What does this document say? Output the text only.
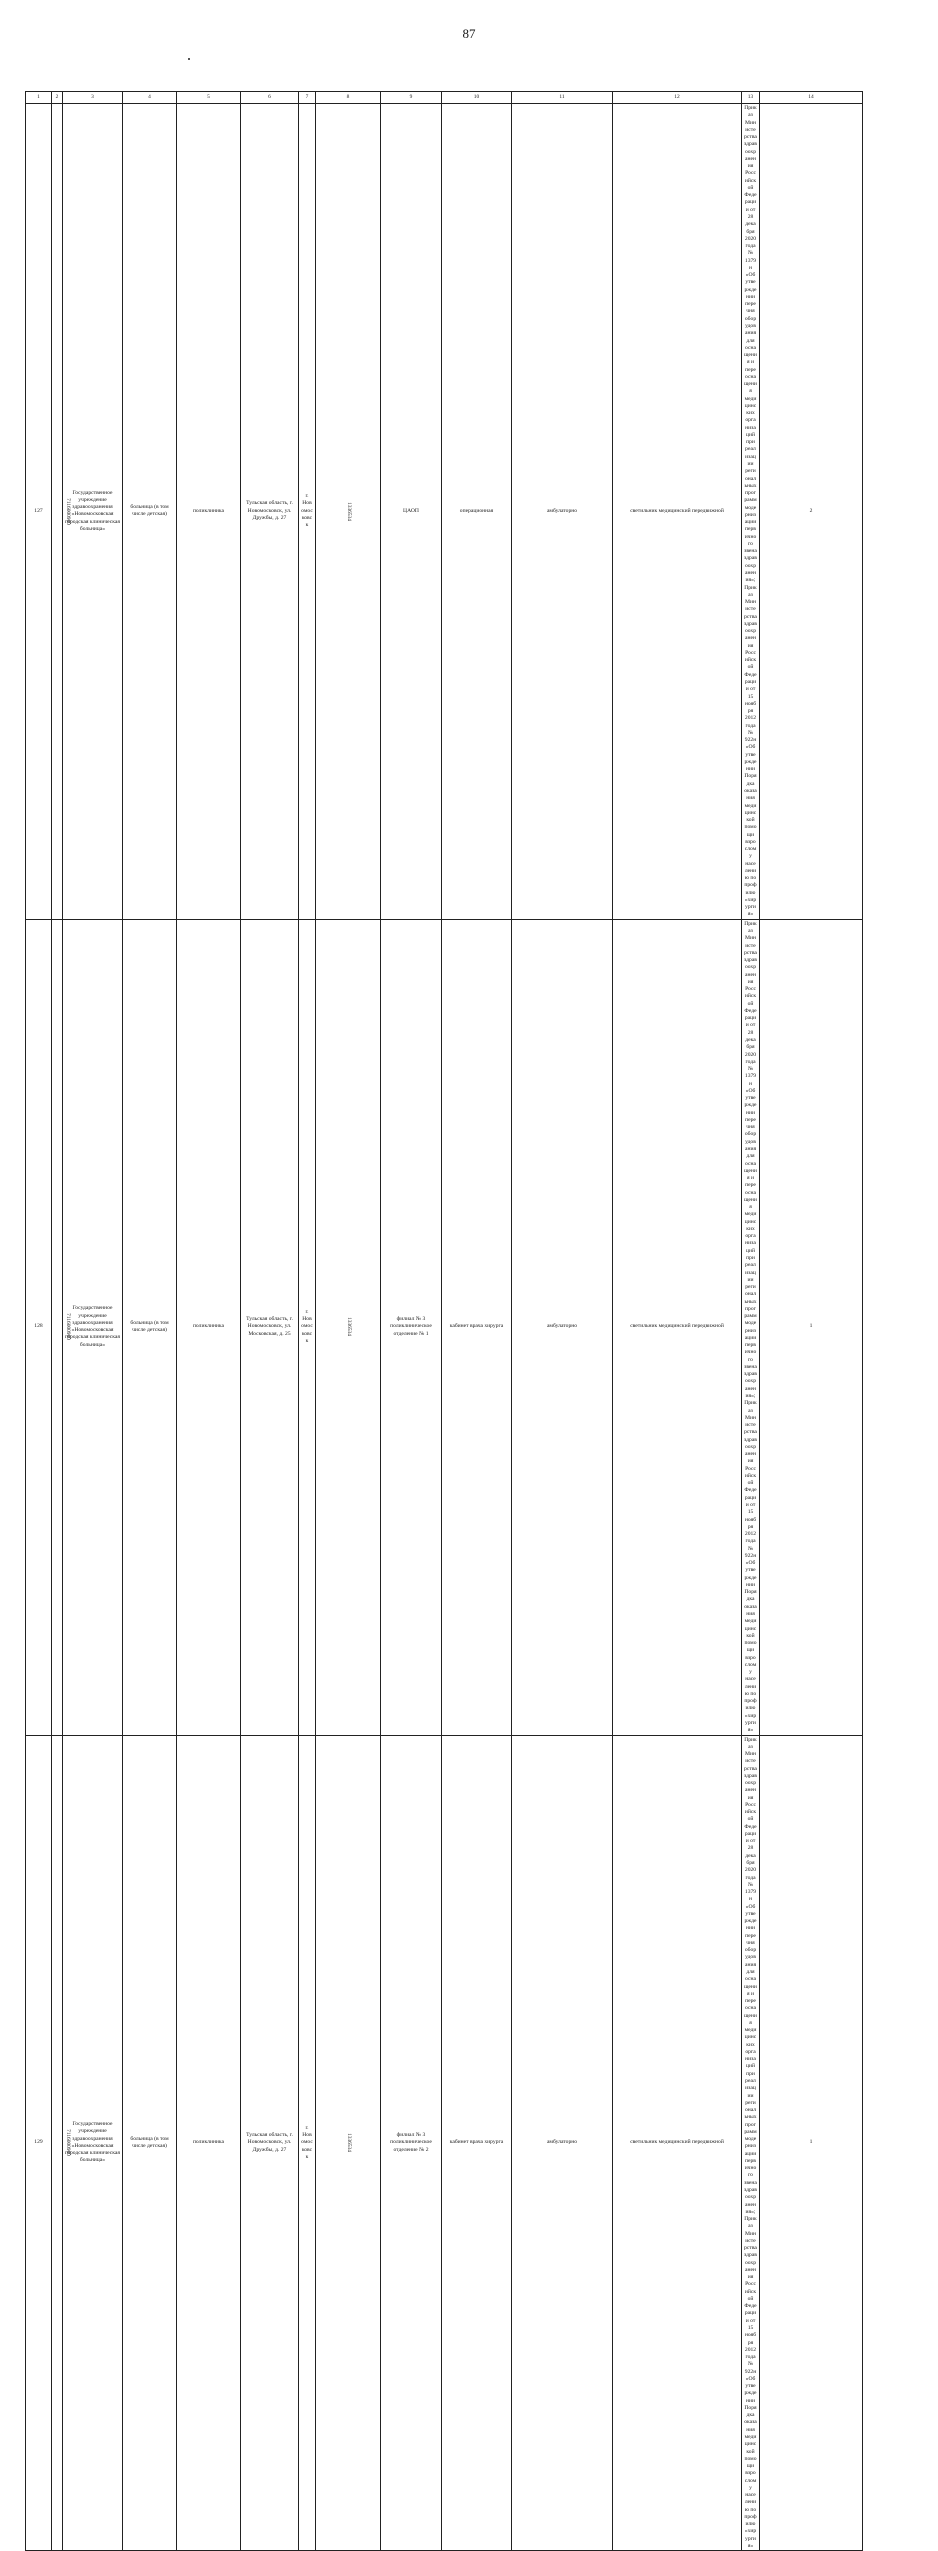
87
1	2	3	4	5	6	7	8	9	10	11	12	13	14	
127	7116000960	Государственное учреждение здравоохранения «Новомосковская городская клиническая больница»	больница (в том числе детская)	поликлиника	Тульская область, г. Новомосковск, ул. Дружбы, д. 27	г. Новомосковск	1336534	ЦАОП	операционная	амбулаторно	светильник медицинский передвижной	Приказ Министерства здравоохранения Российской Федерации от 28 декабря 2020 года № 1379н «Об утверждении перечня оборудования для оснащения и переоснащения медицинских организаций при реализации региональных программ модернизации первичного звена здравоохранения»; Приказ Министерства здравоохранения Российской Федерации от 15 ноября 2012 года № 922н «Об утверждении Порядка оказания медицинской помощи взрослому населению по профилю «хирургия»	2	
128	7116000960	Государственное учреждение здравоохранения «Новомосковская городская клиническая больница»	больница (в том числе детская)	поликлиника	Тульская область, г. Новомосковск, ул. Московская, д. 25	г. Новомосковск	1336534	филиал № 3 поликлиническое отделение № 1	кабинет врача хирурга	амбулаторно	светильник медицинский передвижной	Приказ Министерства здравоохранения Российской Федерации от 28 декабря 2020 года № 1379н «Об утверждении перечня оборудования для оснащения и переоснащения медицинских организаций при реализации региональных программ модернизации первичного звена здравоохранения»; Приказ Министерства здравоохранения Российской Федерации от 15 ноября 2012 года № 922н «Об утверждении Порядка оказания медицинской помощи взрослому населению по профилю «хирургия»	1	
129	7116000960	Государственное учреждение здравоохранения «Новомосковская городская клиническая больница»	больница (в том числе детская)	поликлиника	Тульская область, г. Новомосковск, ул. Дружбы, д. 27	г. Новомосковск	1336534	филиал № 3 поликлиническое отделение № 2	кабинет врача хирурга	амбулаторно	светильник медицинский передвижной	Приказ Министерства здравоохранения Российской Федерации от 28 декабря 2020 года № 1379н «Об утверждении перечня оборудования для оснащения и переоснащения медицинских организаций при реализации региональных программ модернизации первичного звена здравоохранения»; Приказ Министерства здравоохранения Российской Федерации от 15 ноября 2012 года № 922н «Об утверждении Порядка оказания медицинской помощи взрослому населению по профилю «хирургия»	1	
